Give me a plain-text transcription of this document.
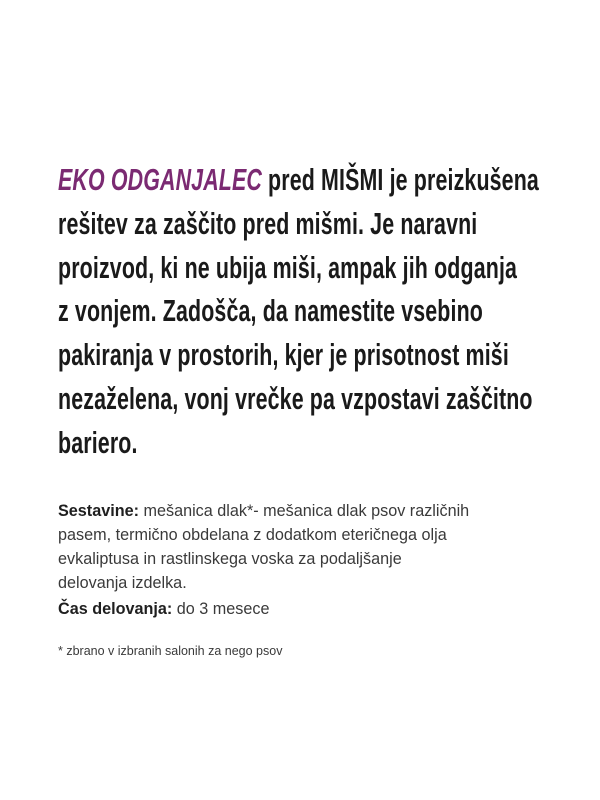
EKO ODGANJALEC pred MIŠMI je preizkušena
rešitev za zaščito pred mišmi. Je naravni
proizvod, ki ne ubija miši, ampak jih odganja
z vonjem. Zadošča, da namestite vsebino
pakiranja v prostorih, kjer je prisotnost miši
nezaželena, vonj vrečke pa vzpostavi zaščitno
bariero.
Sestavine: mešanica dlak*- mešanica dlak psov različnih
pasem, termično obdelana z dodatkom eteričnega olja
evkaliptusa in rastlinskega voska za podaljšanje
delovanja izdelka.
Čas delovanja: do 3 mesece
* zbrano v izbranih salonih za nego psov
